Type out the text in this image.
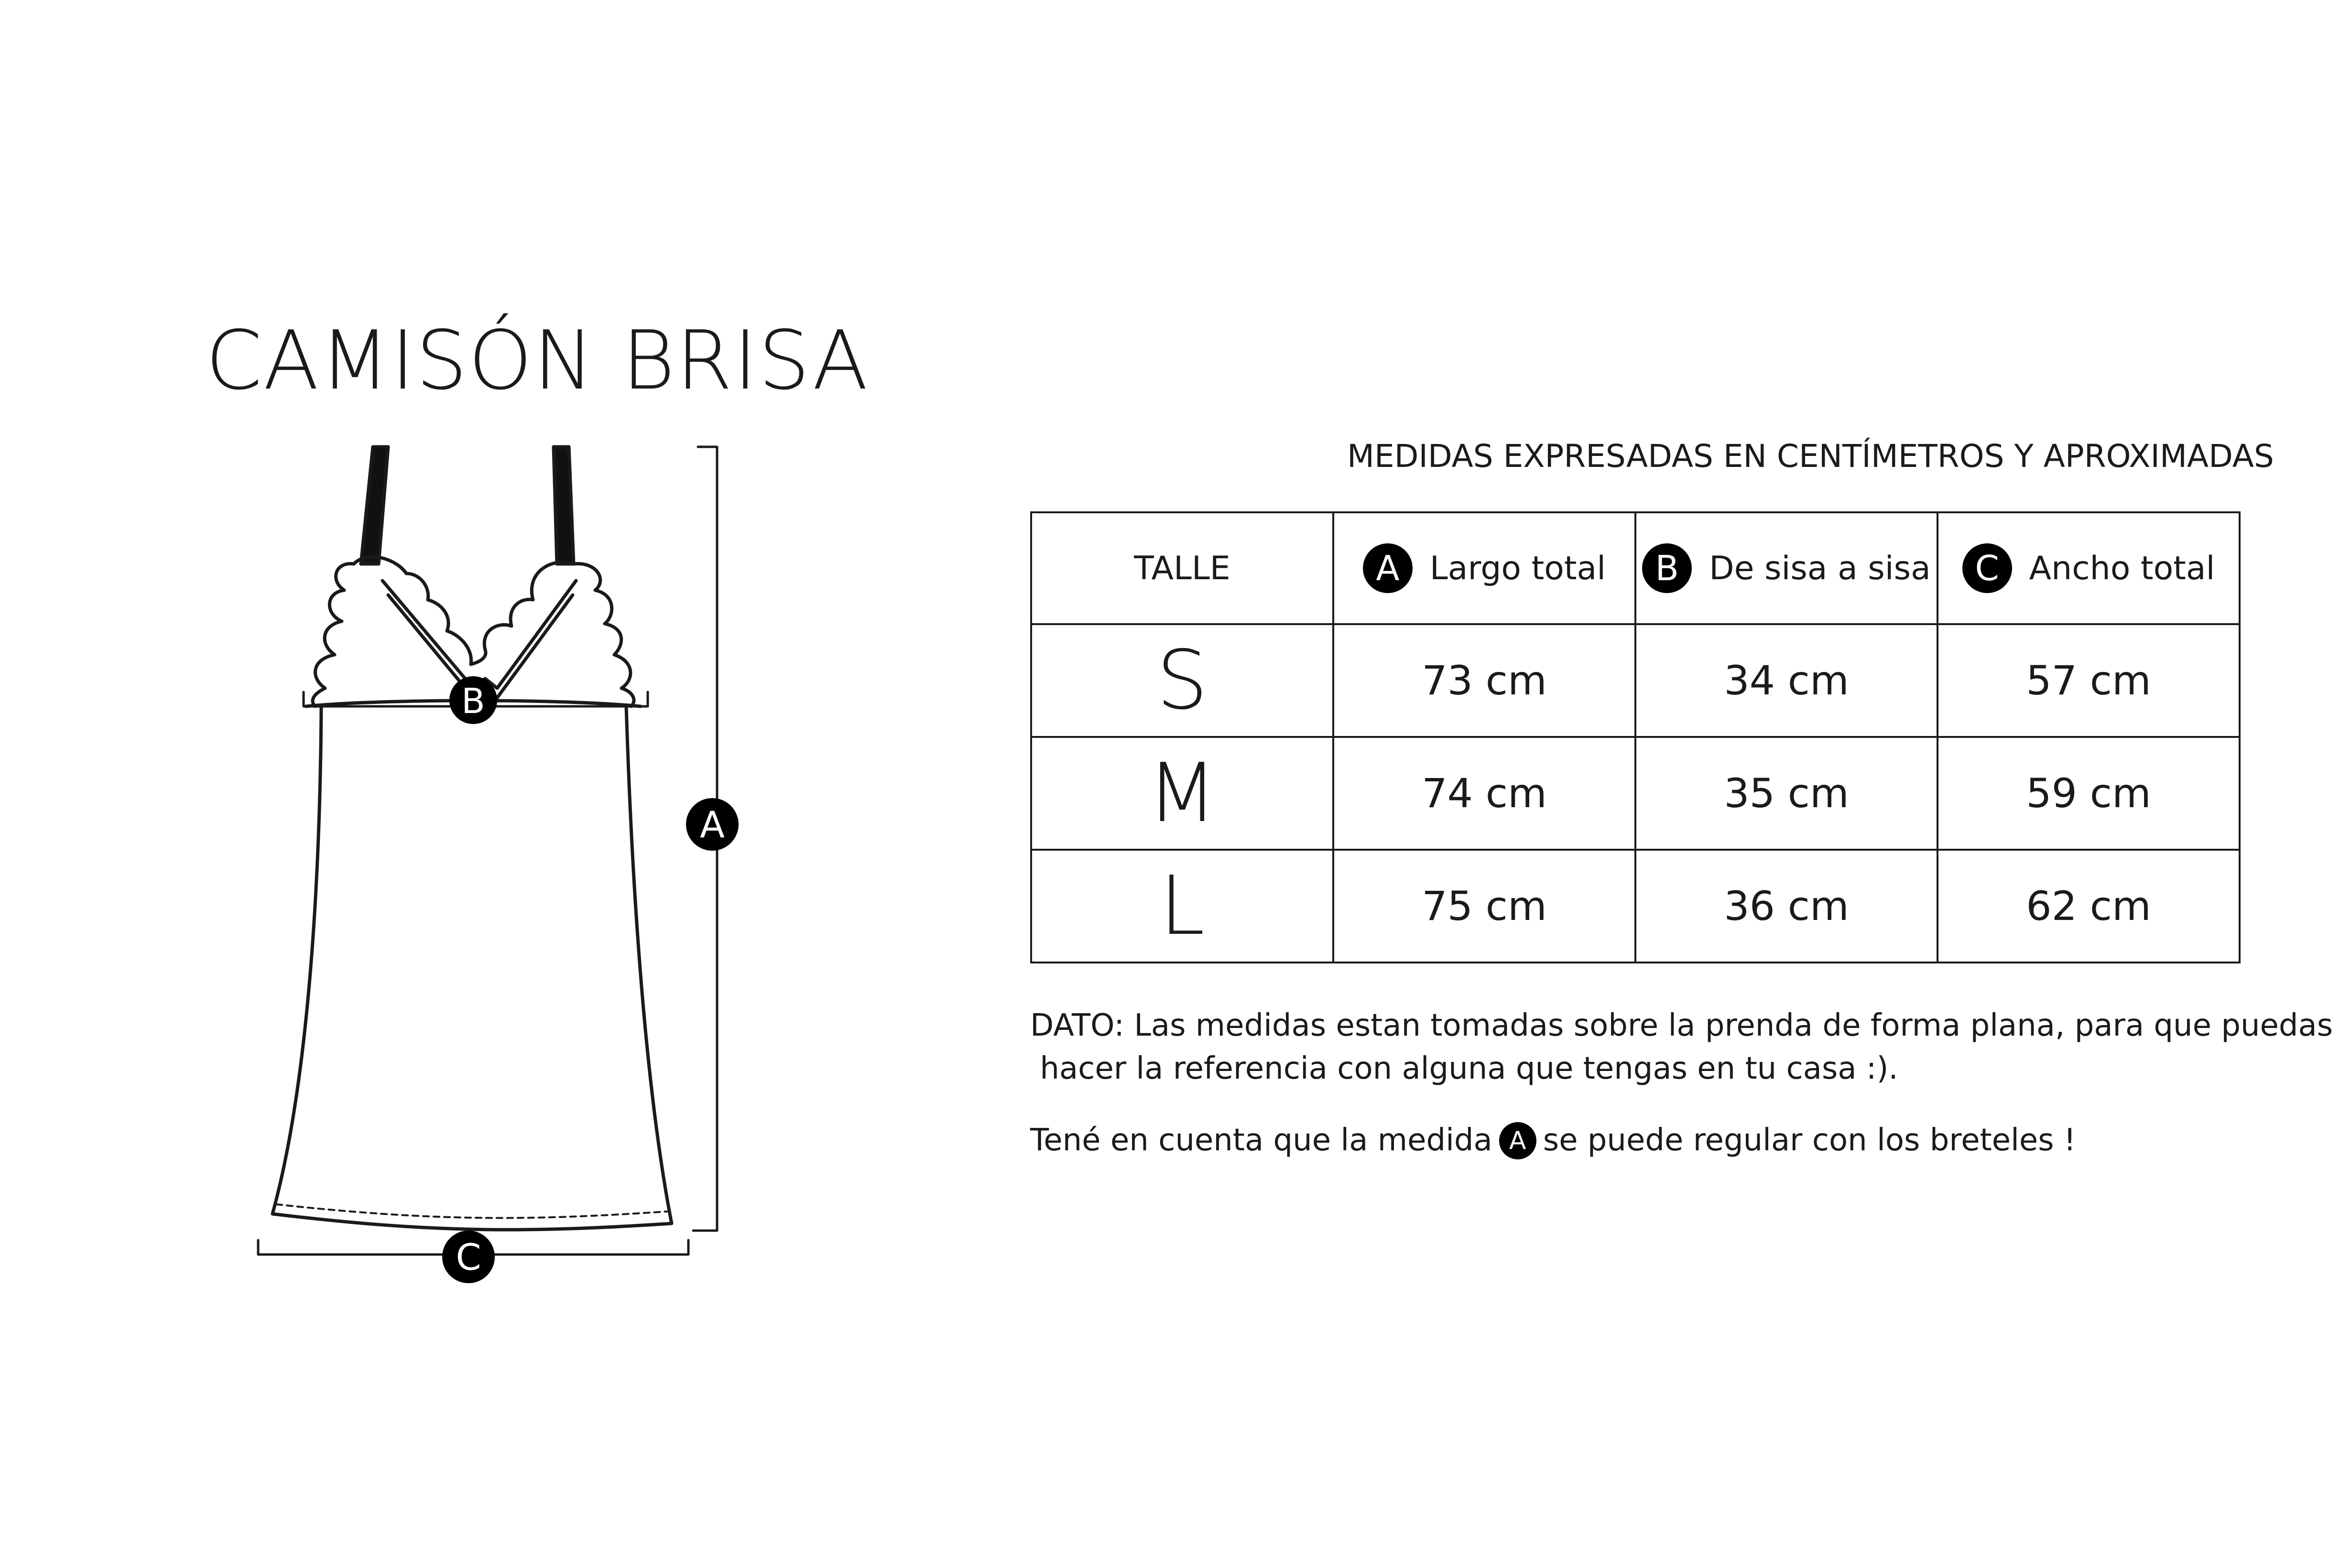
CAMISÓN BRISA
A
B
C
MEDIDAS EXPRESADAS EN CENTÍMETROS Y APROXIMADAS
TALLE	A Largo total	B De sisa a sisa	C Ancho total

S	73 cm	34 cm	57 cm
M	74 cm	35 cm	59 cm
L	75 cm	36 cm	62 cm
DATO: Las medidas estan tomadas sobre la prenda de forma plana, para que puedas
hacer la referencia con alguna que tengas en tu casa :).
Tené en cuenta que la medida A se puede regular con los breteles !
